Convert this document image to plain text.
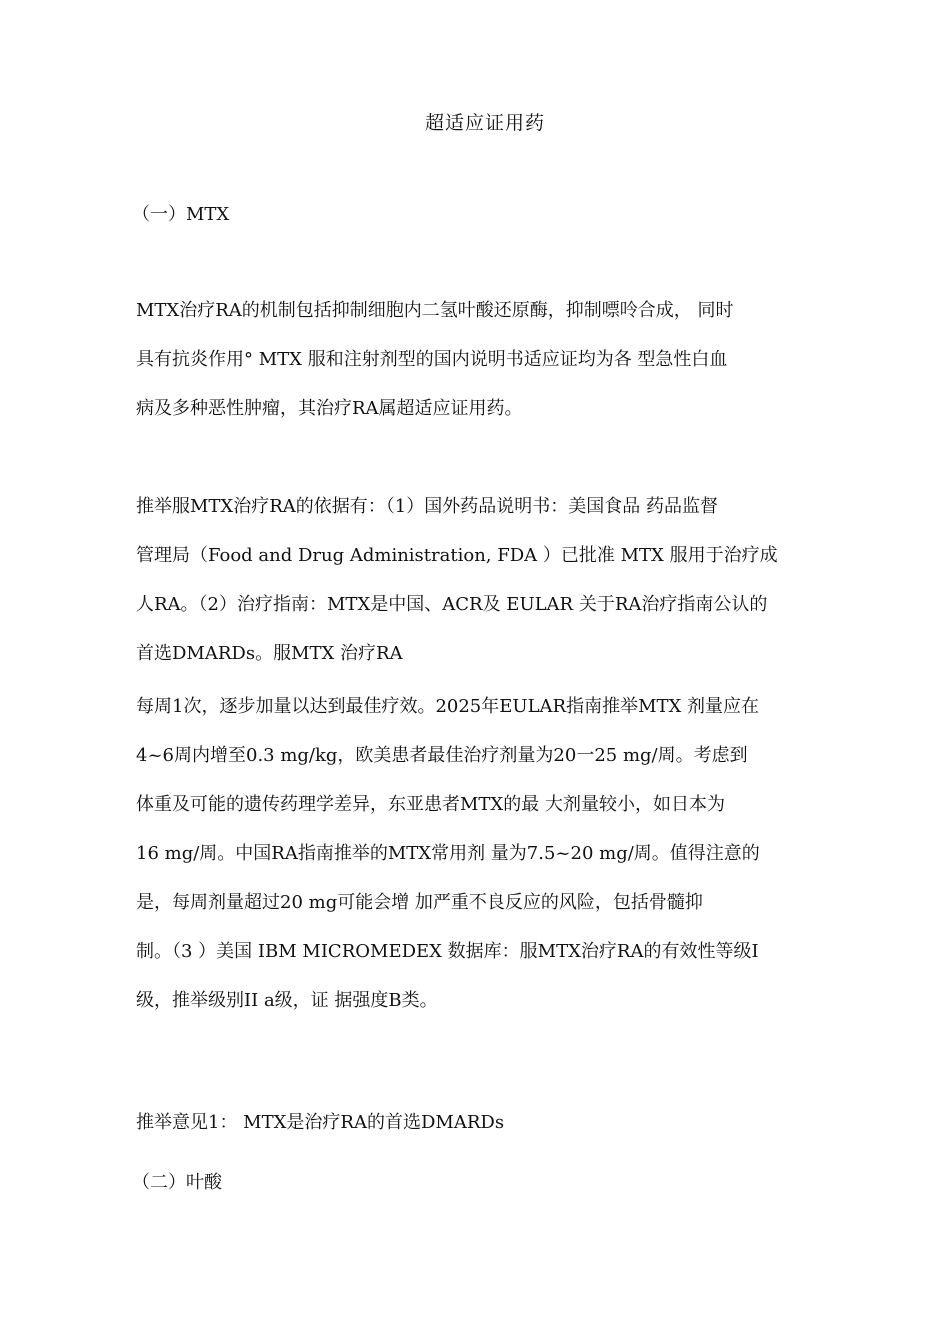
超适应证用药
（一）MTX
MTX治疗RA的机制包括抑制细胞内二氢叶酸还原酶，抑制嘌呤合成， 同时
具有抗炎作用° MTX 服和注射剂型的国内说明书适应证均为各 型急性白血
病及多种恶性肿瘤，其治疗RA属超适应证用药。
推举服MTX治疗RA的依据有：（1）国外药品说明书：美国食品 药品监督
管理局（Food and Drug Administration, FDA ）已批准 MTX 服用于治疗成
人RA。（2）治疗指南：MTX是中国、ACR及 EULAR 关于RA治疗指南公认的
首选DMARDs。服MTX 治疗RA
每周1次，逐步加量以达到最佳疗效。2025年EULAR指南推举MTX 剂量应在
4~6周内增至0.3 mg/kg，欧美患者最佳治疗剂量为20一25 mg/周。考虑到
体重及可能的遗传药理学差异，东亚患者MTX的最 大剂量较小，如日本为
16 mg/周。中国RA指南推举的MTX常用剂 量为7.5~20 mg/周。值得注意的
是，每周剂量超过20 mg可能会增 加严重不良反应的风险，包括骨髓抑
制。（3 ）美国 IBM MICROMEDEX 数据库：服MTX治疗RA的有效性等级I
级，推举级别II a级，证 据强度B类。
推举意见1： MTX是治疗RA的首选DMARDs
（二）叶酸
